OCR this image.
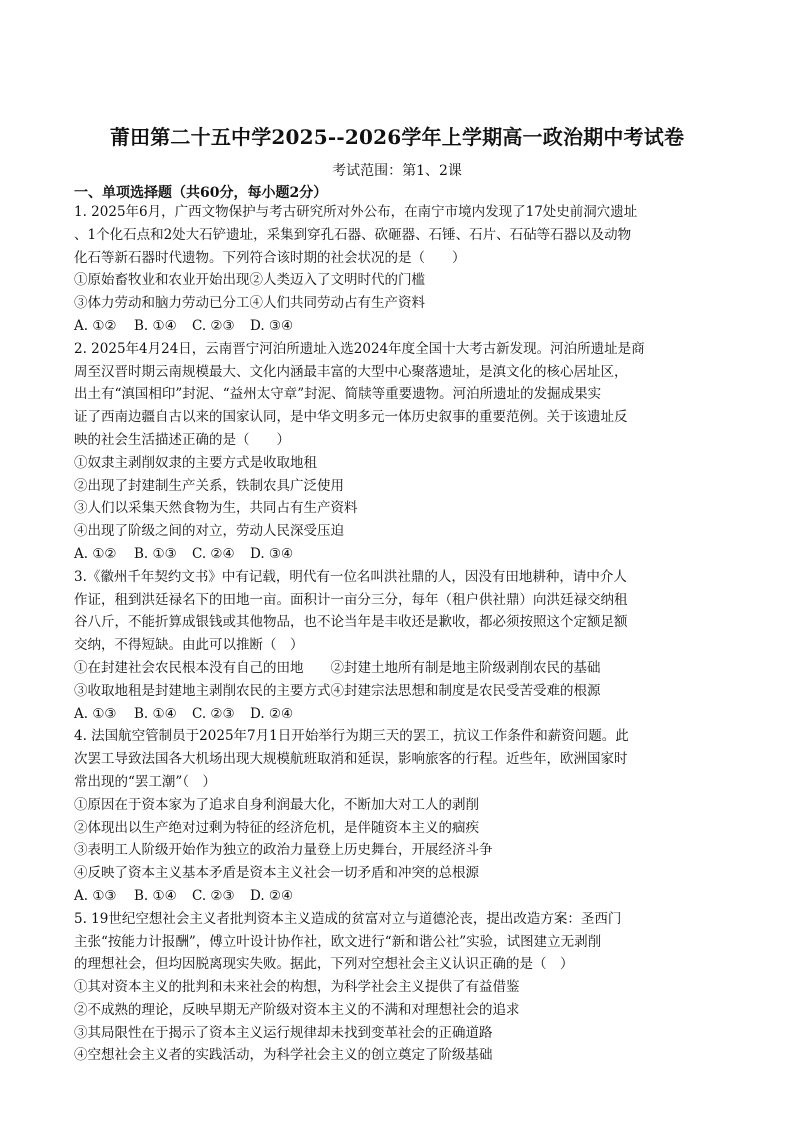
莆田第二十五中学2025--2026学年上学期高一政治期中考试卷
考试范围：第1、2课
一、单项选择题（共60分，每小题2分）
1. 2025年6月，广西文物保护与考古研究所对外公布，在南宁市境内发现了17处史前洞穴遗址
、1个化石点和2处大石铲遗址，采集到穿孔石器、砍砸器、石锤、石片、石砧等石器以及动物
化石等新石器时代遗物。下列符合该时期的社会状况的是（　　）
①原始畜牧业和农业开始出现②人类迈入了文明时代的门槛
③体力劳动和脑力劳动已分工④人们共同劳动占有生产资料
A. ①②	B. ①④	C. ②③	D. ③④
2. 2025年4月24日，云南晋宁河泊所遗址入选2024年度全国十大考古新发现。河泊所遗址是商
周至汉晋时期云南规模最大、文化内涵最丰富的大型中心聚落遗址，是滇文化的核心居址区，
出土有“滇国相印”封泥、“益州太守章”封泥、简牍等重要遗物。河泊所遗址的发掘成果实
证了西南边疆自古以来的国家认同，是中华文明多元一体历史叙事的重要范例。关于该遗址反
映的社会生活描述正确的是（　　）
①奴隶主剥削奴隶的主要方式是收取地租
②出现了封建制生产关系，铁制农具广泛使用
③人们以采集天然食物为生，共同占有生产资料
④出现了阶级之间的对立，劳动人民深受压迫
A. ①②	B. ①③	C. ②④	D. ③④
3.《徽州千年契约文书》中有记载，明代有一位名叫洪社鼎的人，因没有田地耕种，请中介人
作证，租到洪廷禄名下的田地一亩。面积计一亩分三分，每年（租户供社鼎）向洪廷禄交纳租
谷八斤，不能折算成银钱或其他物品，也不论当年是丰收还是歉收，都必须按照这个定额足额
交纳，不得短缺。由此可以推断（　）
①在封建社会农民根本没有自己的田地　　②封建土地所有制是地主阶级剥削农民的基础
③收取地租是封建地主剥削农民的主要方式④封建宗法思想和制度是农民受苦受难的根源
A. ①③	B. ①④	C. ②③	D. ②④
4. 法国航空管制员于2025年7月1日开始举行为期三天的罢工，抗议工作条件和薪资问题。此
次罢工导致法国各大机场出现大规模航班取消和延误，影响旅客的行程。近些年，欧洲国家时
常出现的“罢工潮”（　）
①原因在于资本家为了追求自身利润最大化，不断加大对工人的剥削
②体现出以生产绝对过剩为特征的经济危机，是伴随资本主义的痼疾
③表明工人阶级开始作为独立的政治力量登上历史舞台，开展经济斗争
④反映了资本主义基本矛盾是资本主义社会一切矛盾和冲突的总根源
A. ①③	B. ①④	C. ②③	D. ②④
5. 19世纪空想社会主义者批判资本主义造成的贫富对立与道德沦丧，提出改造方案：圣西门
主张“按能力计报酬”，傅立叶设计协作社，欧文进行“新和谐公社”实验，试图建立无剥削
的理想社会，但均因脱离现实失败。据此，下列对空想社会主义认识正确的是（　）
①其对资本主义的批判和未来社会的构想，为科学社会主义提供了有益借鉴
②不成熟的理论，反映早期无产阶级对资本主义的不满和对理想社会的追求
③其局限性在于揭示了资本主义运行规律却未找到变革社会的正确道路
④空想社会主义者的实践活动，为科学社会主义的创立奠定了阶级基础
